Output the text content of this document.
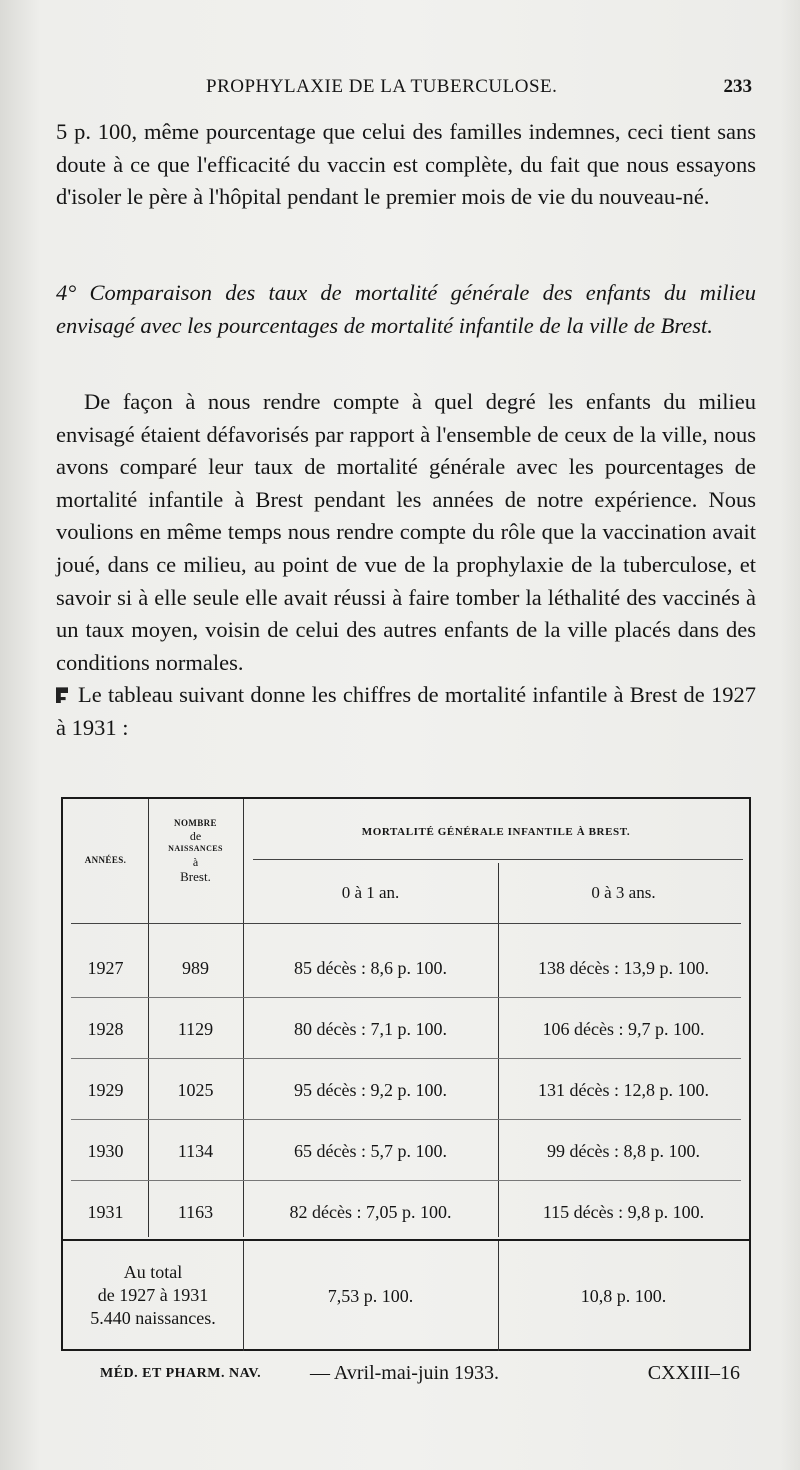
PROPHYLAXIE DE LA TUBERCULOSE.	233

5 p. 100, même pourcentage que celui des familles indemnes, ceci tient sans doute à ce que l'efficacité du vaccin est complète, du fait que nous essayons d'isoler le père à l'hôpital pendant le premier mois de vie du nouveau-né.

4° Comparaison des taux de mortalité générale des enfants du milieu envisagé avec les pourcentages de mortalité infantile de la ville de Brest.

De façon à nous rendre compte à quel degré les enfants du milieu envisagé étaient défavorisés par rapport à l'ensemble de ceux de la ville, nous avons comparé leur taux de mortalité générale avec les pourcentages de mortalité infantile à Brest pendant les années de notre expérience. Nous voulions en même temps nous rendre compte du rôle que la vaccination avait joué, dans ce milieu, au point de vue de la prophylaxie de la tuberculose, et savoir si à elle seule elle avait réussi à faire tomber la léthalité des vaccinés à un taux moyen, voisin de celui des autres enfants de la ville placés dans des conditions normales.
Le tableau suivant donne les chiffres de mortalité infantile à Brest de 1927 à 1931 :

ANNÉES.
NOMBRE
de
NAISSANCES
à
Brest.
MORTALITÉ GÉNÉRALE INFANTILE À BREST.
0 à 1 an.	0 à 3 ans.
1927	989	85 décès : 8,6 p. 100.	138 décès : 13,9 p. 100.
1928	1129	80 décès : 7,1 p. 100.	106 décès : 9,7 p. 100.
1929	1025	95 décès : 9,2 p. 100.	131 décès : 12,8 p. 100.
1930	1134	65 décès : 5,7 p. 100.	99 décès : 8,8 p. 100.
1931	1163	82 décès : 7,05 p. 100.	115 décès : 9,8 p. 100.
Au total
de 1927 à 1931
5.440 naissances.
7,53 p. 100.	10,8 p. 100.
MÉD. ET PHARM. NAV. — Avril-mai-juin 1933.	CXXIII–16
